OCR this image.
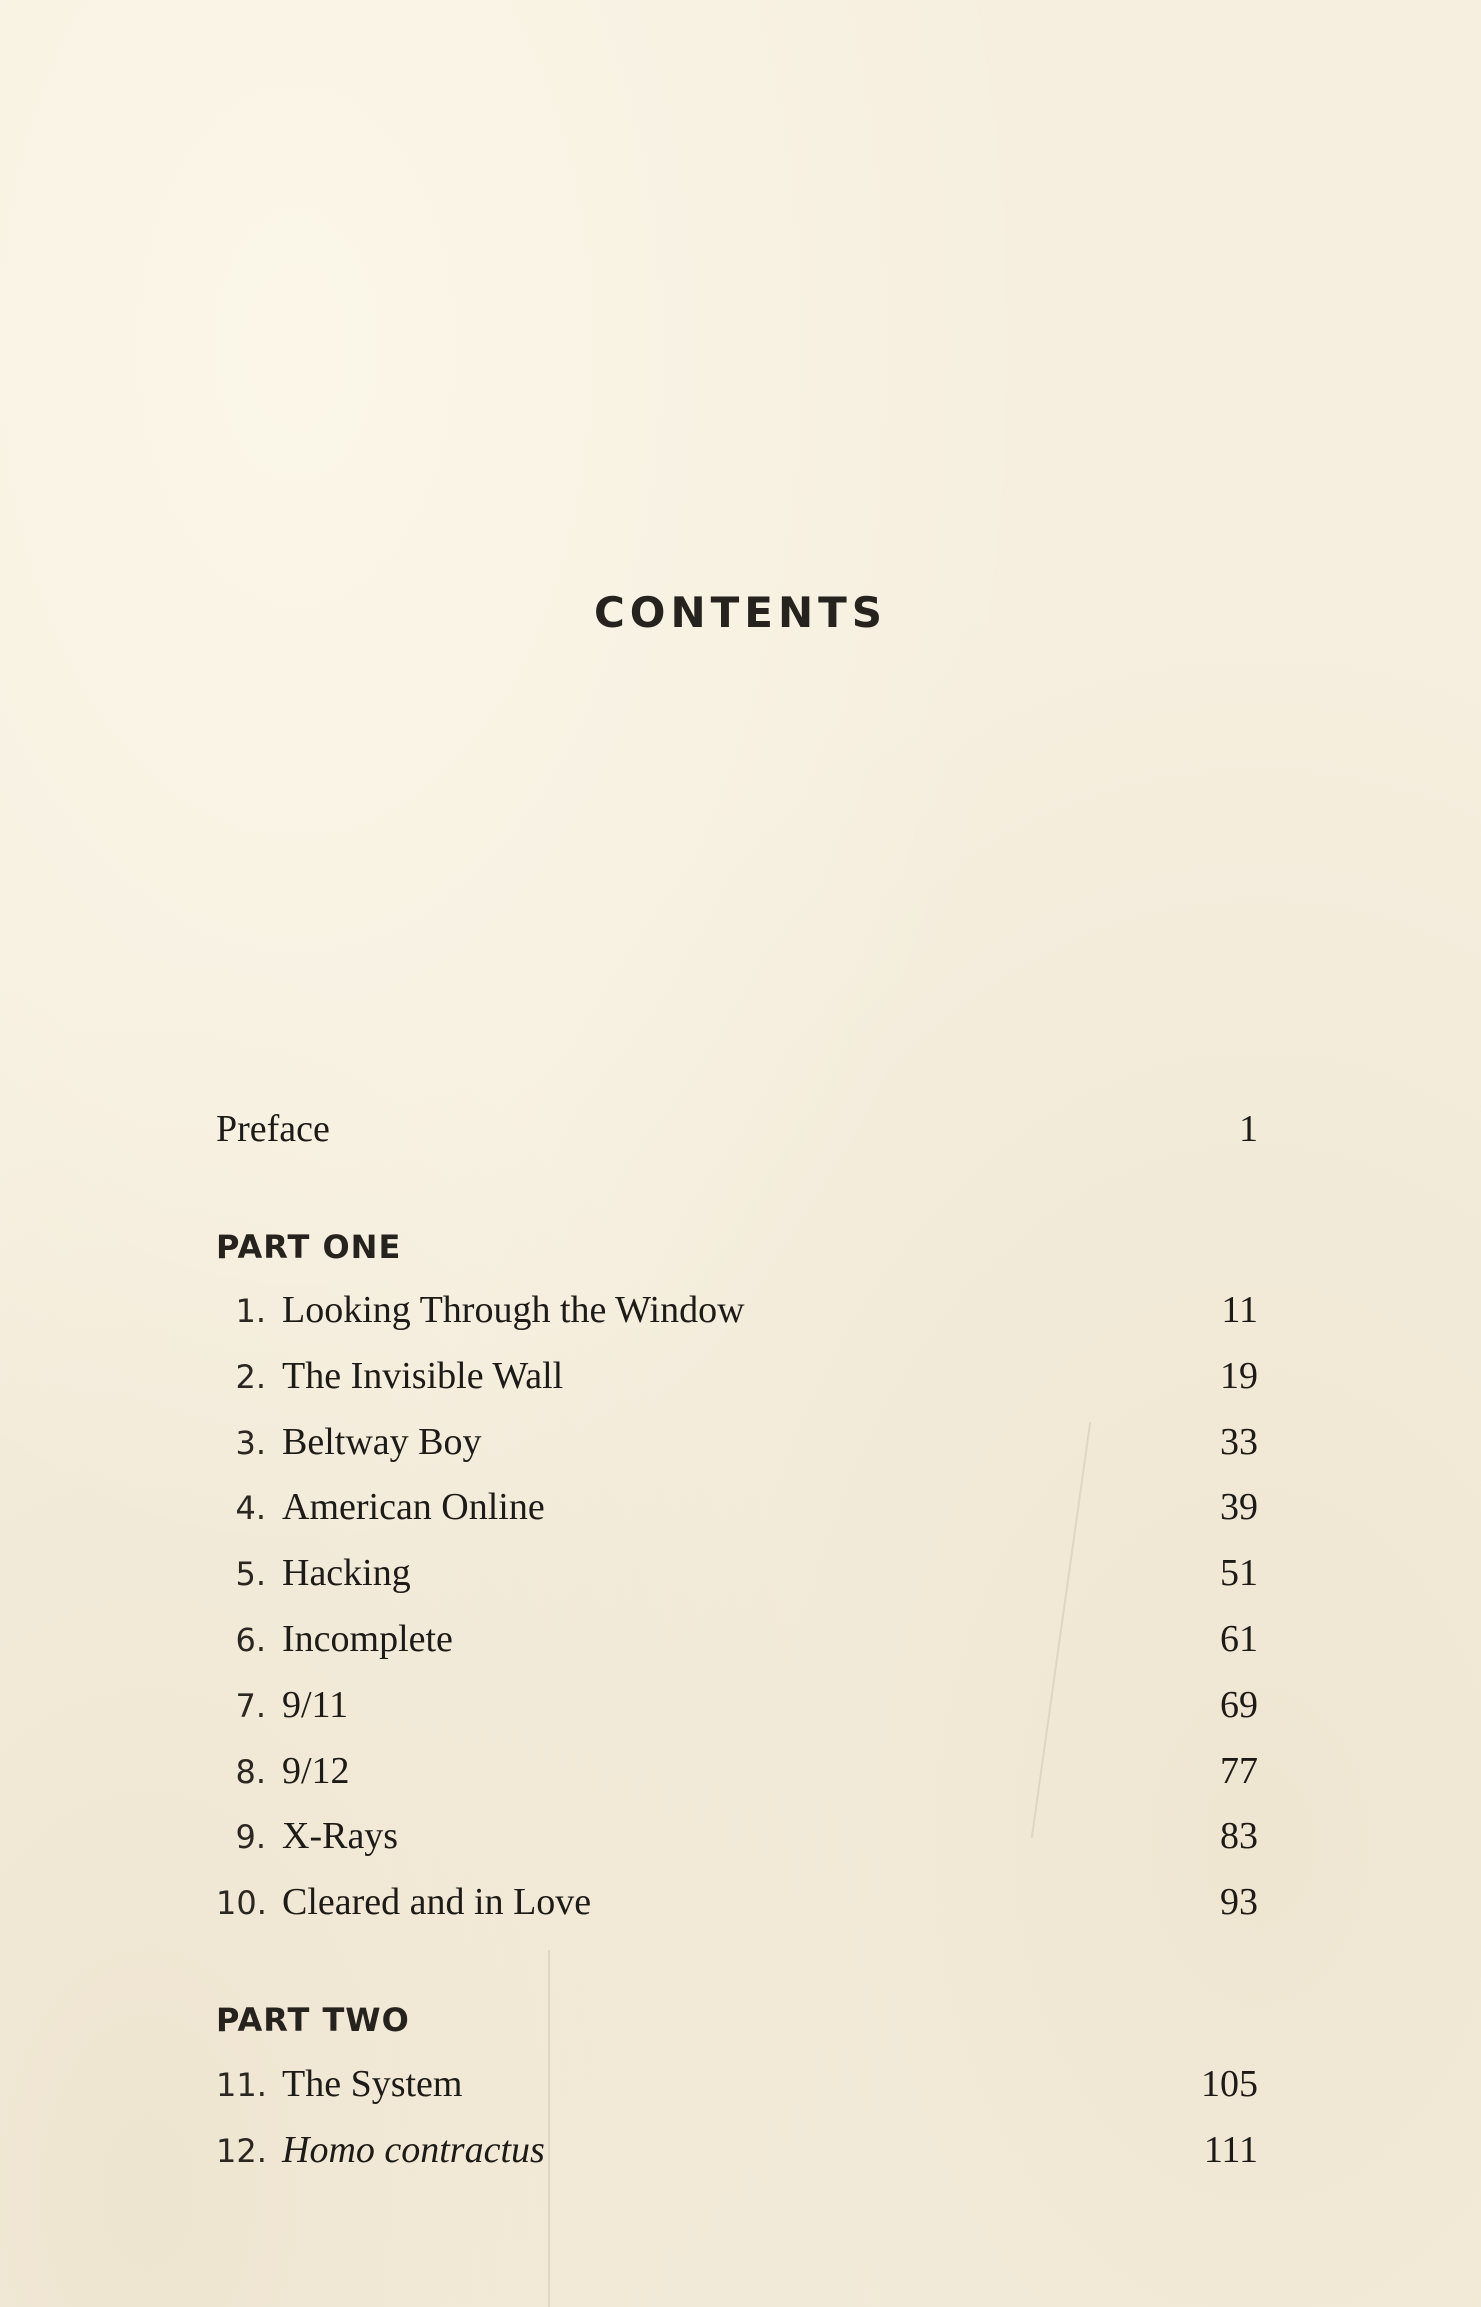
CONTENTS
Preface	1
PART ONE
1. Looking Through the Window	11
2. The Invisible Wall	19
3. Beltway Boy	33
4. American Online	39
5. Hacking	51
6. Incomplete	61
7. 9/11	69
8. 9/12	77
9. X-Rays	83
10. Cleared and in Love	93
PART TWO
11. The System	105
12. Homo contractus	111
